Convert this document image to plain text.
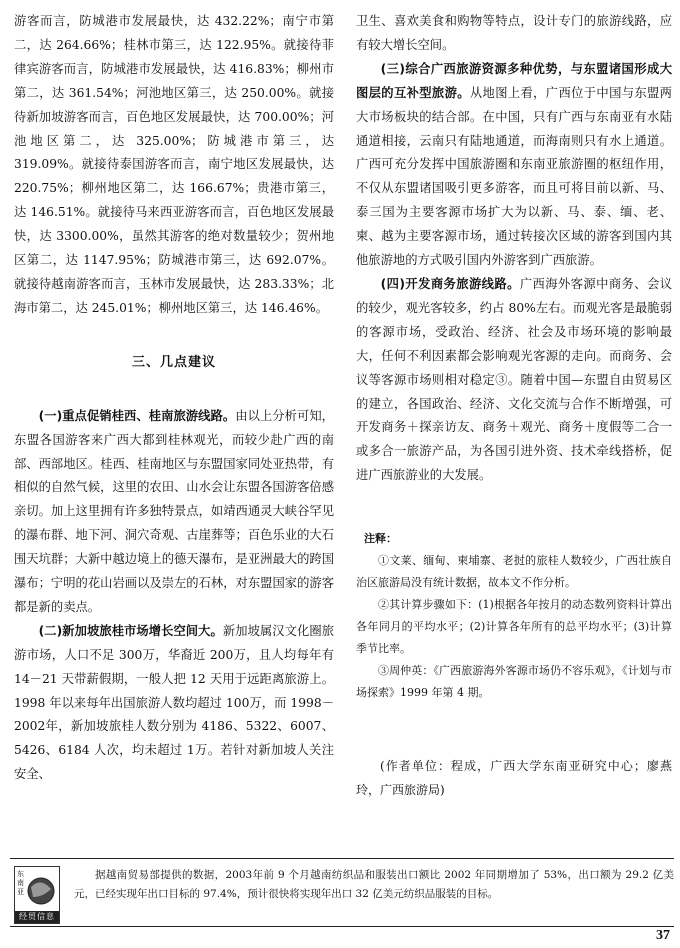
游客而言，防城港市发展最快，达 432.22%；南宁市第二，达 264.66%；桂林市第三，达 122.95%。就接待菲律宾游客而言，防城港市发展最快，达 416.83%；柳州市第二，达 361.54%；河池地区第三，达 250.00%。就接待新加坡游客而言，百色地区发展最快，达 700.00%；河池地区第二，达 325.00%；防城港市第三，达 319.09%。就接待泰国游客而言，南宁地区发展最快，达 220.75%；柳州地区第二，达 166.67%；贵港市第三，达 146.51%。就接待马来西亚游客而言，百色地区发展最快，达 3300.00%，虽然其游客的绝对数量较少；贺州地区第二，达 1147.95%；防城港市第三，达 692.07%。就接待越南游客而言，玉林市发展最快，达 283.33%；北海市第二，达 245.01%；柳州地区第三，达 146.46%。

三、几点建议

(一)重点促销桂西、桂南旅游线路。由以上分析可知，东盟各国游客来广西大都到桂林观光，而较少赴广西的南部、西部地区。桂西、桂南地区与东盟国家同处亚热带，有相似的自然气候，这里的农田、山水会让东盟各国游客倍感亲切。加上这里拥有许多独特景点，如靖西通灵大峡谷罕见的瀑布群、地下河、洞穴奇观、古崖葬等；百色乐业的大石围天坑群；大新中越边境上的德天瀑布，是亚洲最大的跨国瀑布；宁明的花山岩画以及崇左的石林，对东盟国家的游客都是新的卖点。

(二)新加坡旅桂市场增长空间大。新加坡属汉文化圈旅游市场，人口不足 300万，华裔近 200万，且人均每年有 14－21 天带薪假期，一般人把 12 天用于远距离旅游上。1998 年以来每年出国旅游人数均超过 100万，而 1998－2002年，新加坡旅桂人数分别为 4186、5322、6007、5426、6184 人次，均未超过 1万。若针对新加坡人关注安全、

卫生、喜欢美食和购物等特点，设计专门的旅游线路，应有较大增长空间。

(三)综合广西旅游资源多种优势，与东盟诸国形成大图层的互补型旅游。从地图上看，广西位于中国与东盟两大市场板块的结合部。在中国，只有广西与东南亚有水陆通道相接，云南只有陆地通道，而海南则只有水上通道。广西可充分发挥中国旅游圈和东南亚旅游圈的枢纽作用，不仅从东盟诸国吸引更多游客，而且可将目前以新、马、泰三国为主要客源市场扩大为以新、马、泰、缅、老、柬、越为主要客源市场，通过转接次区域的游客到国内其他旅游地的方式吸引国内外游客到广西旅游。

(四)开发商务旅游线路。广西海外客源中商务、会议的较少，观光客较多，约占 80%左右。而观光客是最脆弱的客源市场，受政治、经济、社会及市场环境的影响最大，任何不利因素都会影响观光客源的走向。而商务、会议等客源市场则相对稳定③。随着中国—东盟自由贸易区的建立，各国政治、经济、文化交流与合作不断增强，可开发商务＋探亲访友、商务＋观光、商务＋度假等二合一或多合一旅游产品，为各国引进外资、技术牵线搭桥，促进广西旅游业的大发展。

注释：

①文莱、缅甸、柬埔寨、老挝的旅桂人数较少，广西壮族自治区旅游局没有统计数据，故本文不作分析。

②其计算步骤如下：(1)根据各年按月的动态数列资料计算出各年同月的平均水平；(2)计算各年所有的总平均水平；(3)计算季节比率。

③周仲英：《广西旅游海外客源市场仍不容乐观》，《计划与市场探索》1999 年第 4 期。

(作者单位：程成，广西大学东南亚研究中心；廖燕玲，广西旅游局)
东南亚
经贸信息
据越南贸易部提供的数据，2003年前 9 个月越南纺织品和服装出口额比 2002 年同期增加了 53%，出口额为 29.2 亿美元，已经实现年出口目标的 97.4%，预计很快将实现年出口 32 亿美元纺织品服装的目标。
37
